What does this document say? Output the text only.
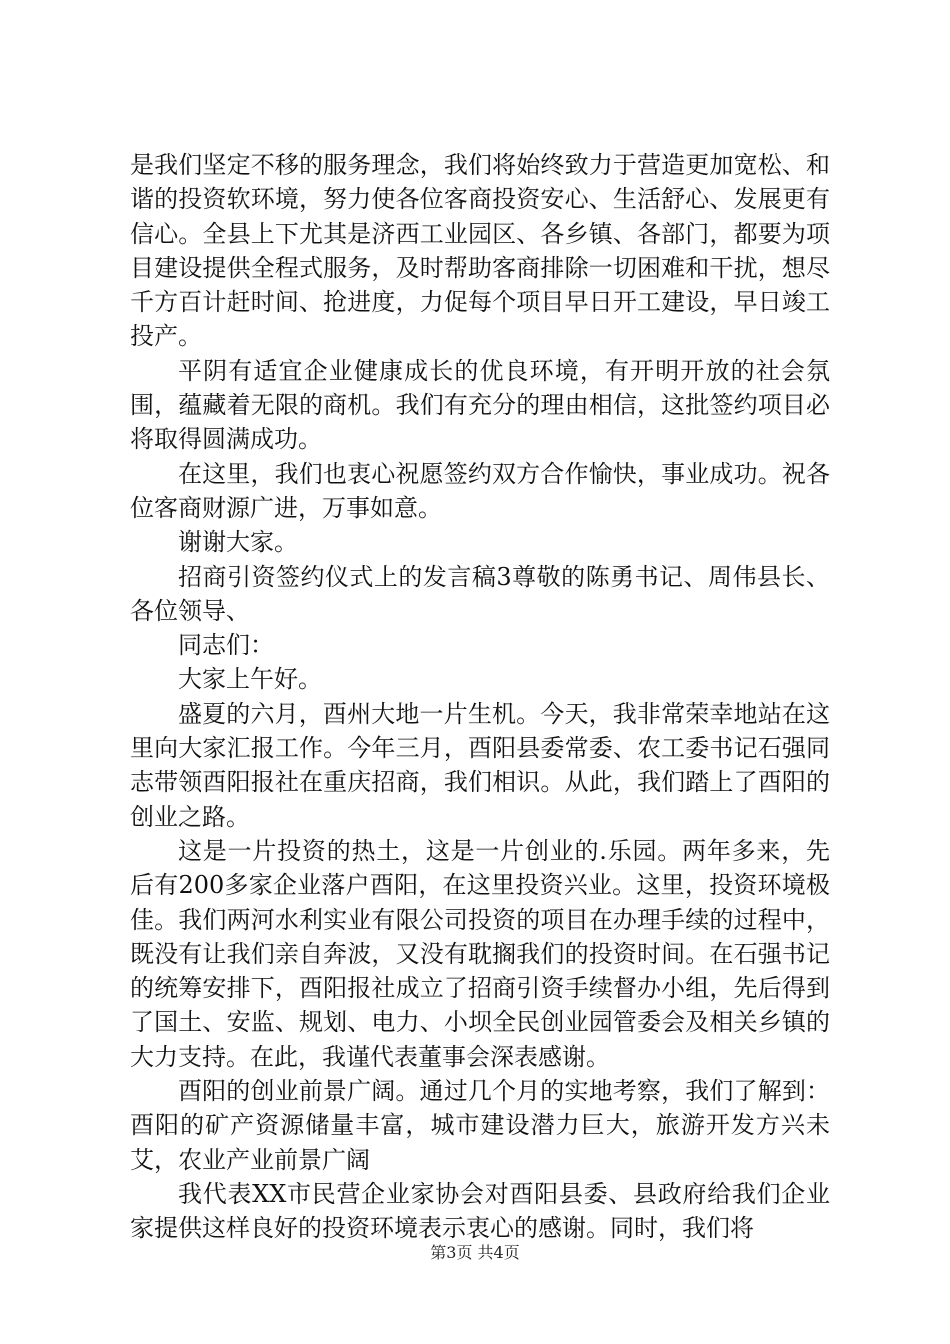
是我们坚定不移的服务理念，我们将始终致力于营造更加宽松、和谐的投资软环境，努力使各位客商投资安心、生活舒心、发展更有信心。全县上下尤其是济西工业园区、各乡镇、各部门，都要为项目建设提供全程式服务，及时帮助客商排除一切困难和干扰，想尽千方百计赶时间、抢进度，力促每个项目早日开工建设，早日竣工投产。

平阴有适宜企业健康成长的优良环境，有开明开放的社会氛围，蕴藏着无限的商机。我们有充分的理由相信，这批签约项目必将取得圆满成功。

在这里，我们也衷心祝愿签约双方合作愉快，事业成功。祝各位客商财源广进，万事如意。

谢谢大家。

招商引资签约仪式上的发言稿3尊敬的陈勇书记、周伟县长、各位领导、

同志们：

大家上午好。

盛夏的六月，酉州大地一片生机。今天，我非常荣幸地站在这里向大家汇报工作。今年三月，酉阳县委常委、农工委书记石强同志带领酉阳报社在重庆招商，我们相识。从此，我们踏上了酉阳的创业之路。

这是一片投资的热土，这是一片创业的.乐园。两年多来，先后有200多家企业落户酉阳，在这里投资兴业。这里，投资环境极佳。我们两河水利实业有限公司投资的项目在办理手续的过程中，既没有让我们亲自奔波，又没有耽搁我们的投资时间。在石强书记的统筹安排下，酉阳报社成立了招商引资手续督办小组，先后得到了国土、安监、规划、电力、小坝全民创业园管委会及相关乡镇的大力支持。在此，我谨代表董事会深表感谢。

酉阳的创业前景广阔。通过几个月的实地考察，我们了解到：酉阳的矿产资源储量丰富，城市建设潜力巨大，旅游开发方兴未艾，农业产业前景广阔

我代表XX市民营企业家协会对酉阳县委、县政府给我们企业家提供这样良好的投资环境表示衷心的感谢。同时，我们将

第3页 共4页
